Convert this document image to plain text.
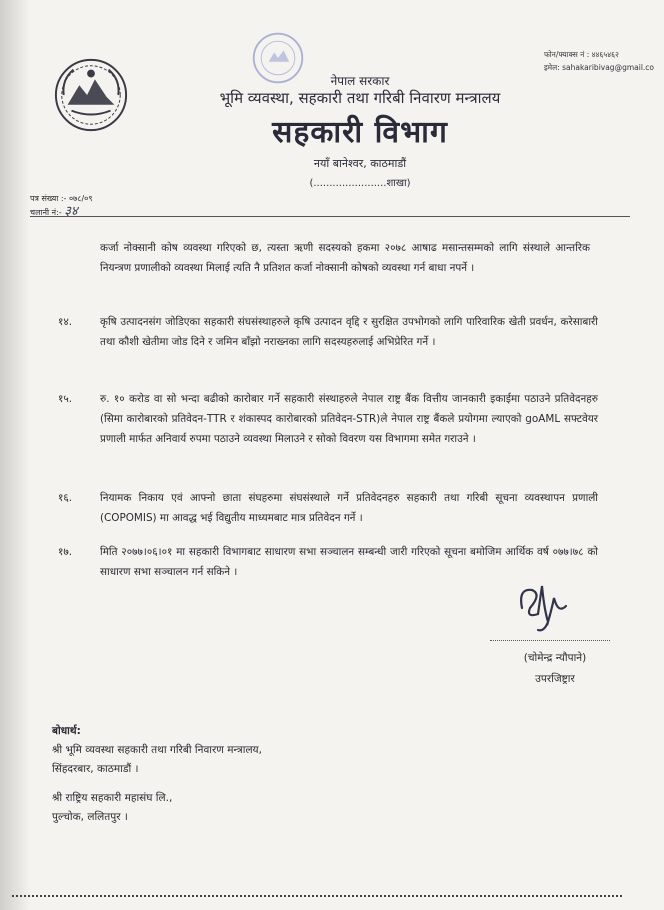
फोन/फ्याक्स नं : ४४६५४६२
इमेल: sahakaribivag@gmail.co
नेपाल सरकार
भूमि व्यवस्था, सहकारी तथा गरिबी निवारण मन्त्रालय
सहकारी विभाग
नयाँ बानेश्वर, काठमाडौं
(.......................शाखा)
पत्र संख्या :- ०७८/०९
चलानी नं:- ३४
कर्जा नोक्सानी कोष व्यवस्था गरिएको छ, त्यस्ता ऋणी सदस्यको हकमा २०७८ आषाढ मसान्तसम्मको लागि संस्थाले आन्तरिक नियन्त्रण प्रणालीको व्यवस्था मिलाई त्यति नै प्रतिशत कर्जा नोक्सानी कोषको व्यवस्था गर्न बाधा नपर्ने ।
१४.	कृषि उत्पादनसंग जोडिएका सहकारी संघसंस्थाहरुले कृषि उत्पादन वृद्दि र सुरक्षित उपभोगको लागि पारिवारिक खेती प्रवर्धन, करेसाबारी तथा कौशी खेतीमा जोड दिने र जमिन बाँझो नराख्नका लागि सदस्यहरुलाई अभिप्रेरित गर्ने ।
१५.	रु. १० करोड वा सो भन्दा बढीको कारोबार गर्ने सहकारी संस्थाहरुले नेपाल राष्ट्र बैंक वित्तीय जानकारी इकाईमा पठाउने प्रतिवेदनहरु (सिमा कारोबारको प्रतिवेदन-TTR र शंकास्पद कारोबारको प्रतिवेदन-STR)ले नेपाल राष्ट्र बैंकले प्रयोगमा ल्याएको goAML सफ्टवेयर प्रणाली मार्फत अनिवार्य रुपमा पठाउने व्यवस्था मिलाउने र सोको विवरण यस विभागमा समेत गराउने ।
१६.	नियामक निकाय एवं आफ्नो छाता संघहरुमा संघसंस्थाले गर्ने प्रतिवेदनहरु सहकारी तथा गरिबी सूचना व्यवस्थापन प्रणाली (COPOMIS) मा आवद्ध भई विद्युतीय माध्यमबाट मात्र प्रतिवेदन गर्ने ।
१७.	मिति २०७७।०६।०१ मा सहकारी विभागबाट साधारण सभा सञ्चालन सम्बन्धी जारी गरिएको सूचना बमोजिम आर्थिक वर्ष ०७७।७८ को साधारण सभा सञ्चालन गर्न सकिने ।
(चोमेन्द्र न्यौपाने)
उपरजिष्ट्रार
बोधार्थ:
श्री भूमि व्यवस्था सहकारी तथा गरिबी निवारण मन्त्रालय,
सिंहदरबार, काठमाडौं ।
श्री राष्ट्रिय सहकारी महासंघ लि.,
पुल्चोक, ललितपुर ।
